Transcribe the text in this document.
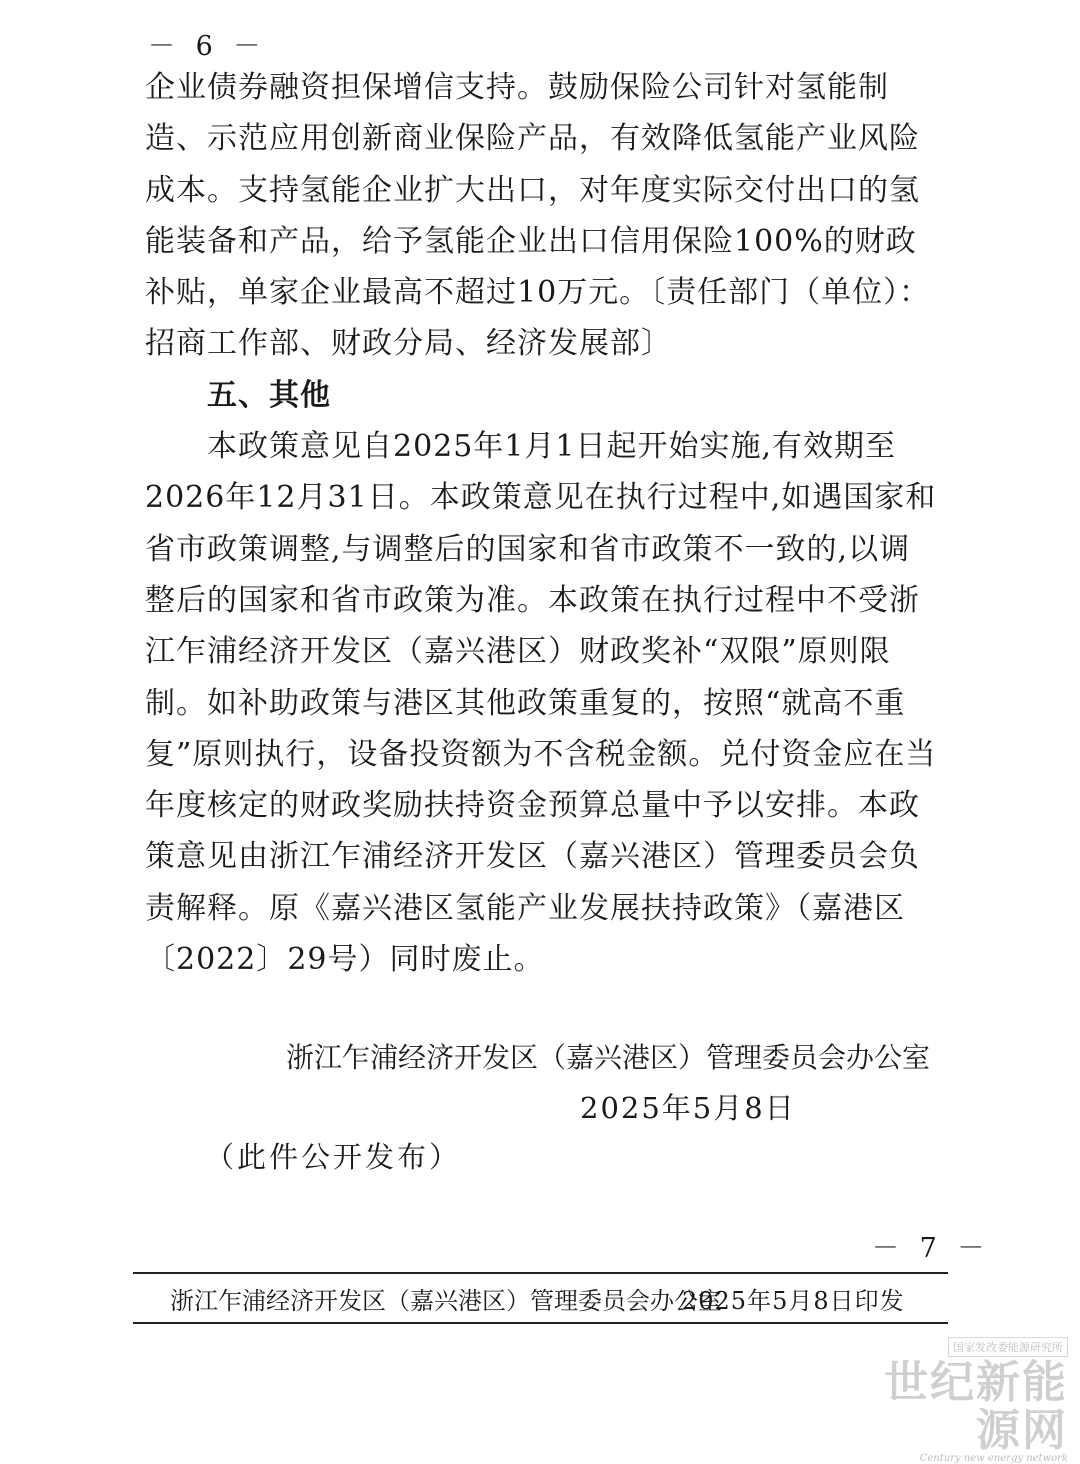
－ 6 －

企业债券融资担保增信支持。鼓励保险公司针对氢能制造、示范应用创新商业保险产品，有效降低氢能产业风险成本。支持氢能企业扩大出口，对年度实际交付出口的氢能装备和产品，给予氢能企业出口信用保险100%的财政补贴，单家企业最高不超过10万元。〔责任部门（单位）：招商工作部、财政分局、经济发展部〕

五、其他

本政策意见自2025年1月1日起开始实施,有效期至2026年12月31日。本政策意见在执行过程中,如遇国家和省市政策调整,与调整后的国家和省市政策不一致的,以调整后的国家和省市政策为准。本政策在执行过程中不受浙江乍浦经济开发区（嘉兴港区）财政奖补“双限”原则限制。如补助政策与港区其他政策重复的，按照“就高不重复”原则执行，设备投资额为不含税金额。兑付资金应在当年度核定的财政奖励扶持资金预算总量中予以安排。本政策意见由浙江乍浦经济开发区（嘉兴港区）管理委员会负责解释。原《嘉兴港区氢能产业发展扶持政策》（嘉港区〔2022〕29号）同时废止。

浙江乍浦经济开发区（嘉兴港区）管理委员会办公室
2025年5月8日
（此件公开发布）
－ 7 －
浙江乍浦经济开发区（嘉兴港区）管理委员会办公室
2025年5月8日印发
国家发改委能源研究所
世纪新能源网
Century new energy network
